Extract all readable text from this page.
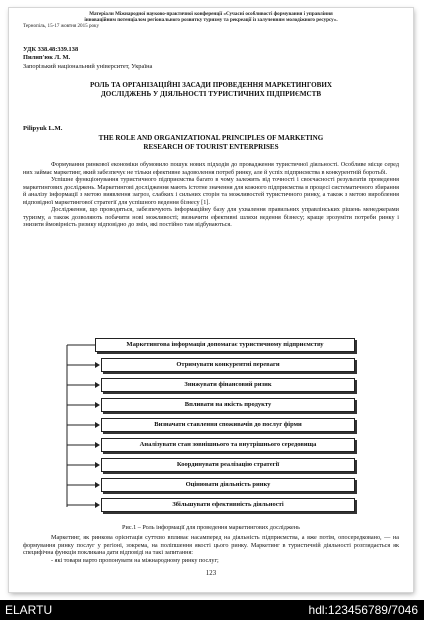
Матеріали Міжнародної науково-практичної конференції «Сучасні особливості формування і управління
інноваційним потенціалом регіонального розвитку туризму та рекреації із залученням молодіжного ресурсу».
Тернопіль, 15-17 жовтня 2015 року
УДК 338.48:339.138
Пилип'юк Л. М.
Запорізький національний університет, Україна
РОЛЬ ТА ОРГАНІЗАЦІЙНІ ЗАСАДИ ПРОВЕДЕННЯ МАРКЕТИНГОВИХ
ДОСЛІДЖЕНЬ У ДІЯЛЬНОСТІ ТУРИСТИЧНИХ ПІДПРИЄМСТВ
Pilipyuk L.M.
THE ROLE AND ORGANIZATIONAL PRINCIPLES OF MARKETING
RESEARCH OF TOURIST ENTERPRISES

Формування ринкової економіки обумовило пошук нових підходів до провадження туристичної діяльності. Особливе місце серед них займає маркетинг, який забезпечує не тільки ефективне задоволення потреб ринку, але й успіх підприємства в конкурентній боротьбі.

Успішне функціонування туристичного підприємства багато в чому залежить від точності і своєчасності результатів проведення маркетингових досліджень. Маркетингові дослідження мають істотне значення для кожного підприємства в процесі систематичного збирання й аналізу інформації з метою виявлення загроз, слабких і сильних сторін та можливостей туристичного ринку, а також з метою вироблення відповідної маркетингової стратегії для успішного ведення бізнесу [1].

Дослідження, що проводяться, забезпечують інформаційну базу для ухвалення правильних управлінських рішень менеджерами туризму, а також дозволяють побачити нові можливості; визначити ефективні шляхи ведення бізнесу; краще зрозуміти потреби ринку і знизити ймовірність ризику відповідно до змін, які постійно там відбуваються.

Маркетингова інформація допомагає туристичному підприємству
Отримувати конкурентні переваги
Знижувати фінансовий ризик
Впливати на якість продукту
Визначати ставлення споживачів до послуг фірми
Аналізувати стан зовнішнього та внутрішнього середовища
Координувати реалізацію стратегії
Оцінювати діяльність ринку
Збільшувати ефективність діяльності
Рис.1 – Роль інформації для проведення маркетингових досліджень

Маркетинг, як ринкова орієнтація суттєво впливає насамперед на діяльність підприємства, а вже потім, опосередковано, — на формування ринку послуг у регіоні, зокрема, на поліпшення якості цього ринку. Маркетинг в туристичній діяльності розглядається як специфічна функція покликана дати відповіді на такі запитання:

- які товари варто пропонувати на міжнародному ринку послуг;

123
ELARTU	hdl:123456789/7046
